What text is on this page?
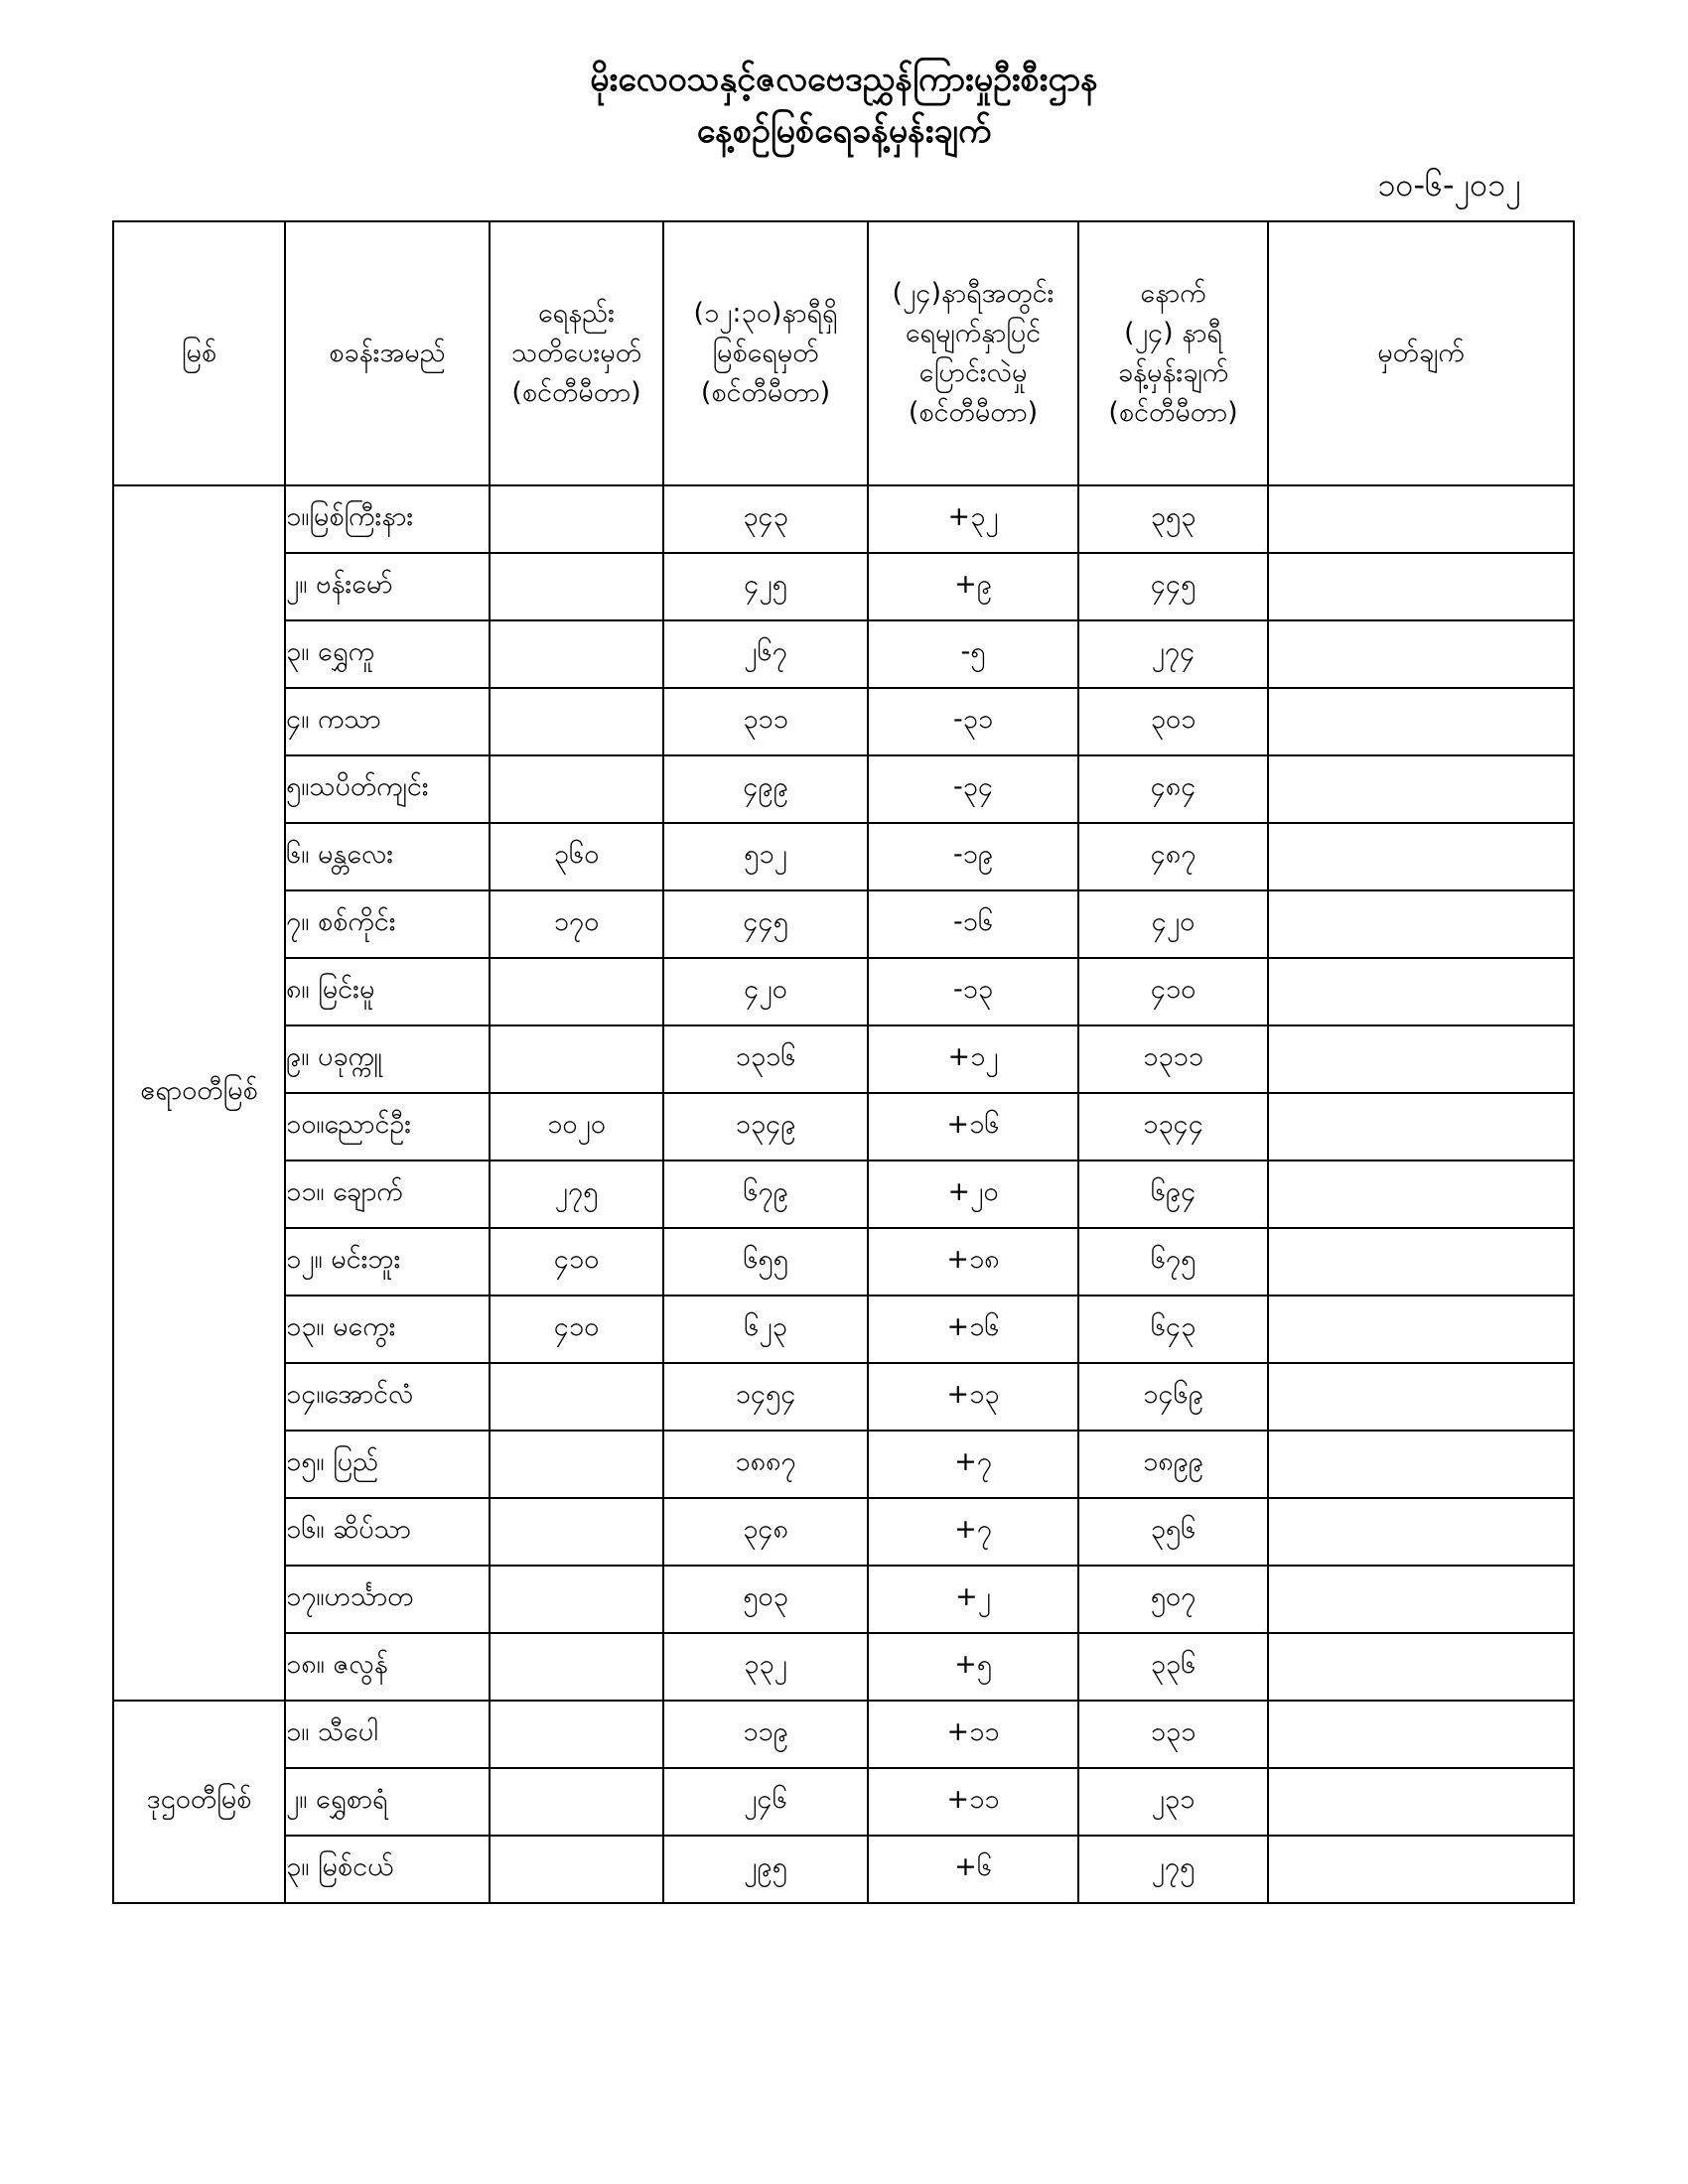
မိုးလေဝသနှင့်ဇလဗေဒညွှန်ကြားမှုဦးစီးဌာန
နေ့စဉ်မြစ်ရေခန့်မှန်းချက်
၁၀-၆-၂၀၁၂
မြစ်	စခန်းအမည်	ရေနည်း
သတိပေးမှတ်
(စင်တီမီတာ)	(၁၂:၃၀)နာရီရှိ
မြစ်ရေမှတ်
(စင်တီမီတာ)	(၂၄)နာရီအတွင်း
ရေမျက်နှာပြင်
ပြောင်းလဲမှု
(စင်တီမီတာ)	နောက်
(၂၄) နာရီ
ခန့်မှန်းချက်
(စင်တီမီတာ)	မှတ်ချက်

ဧရာဝတီမြစ်	၁။မြစ်ကြီးနား		၃၄၃	+၃၂	၃၅၃	
	၂။ ဗန်းမော်		၄၂၅	+၉	၄၄၅	
	၃။ ရွှေကူ		၂၆၇	-၅	၂၇၄	
	၄။ ကသာ		၃၁၁	-၃၁	၃၀၁	
	၅။သပိတ်ကျင်း		၄၉၉	-၃၄	၄၈၄	
	၆။ မန္တလေး	၃၆၀	၅၁၂	-၁၉	၄၈၇	
	၇။ စစ်ကိုင်း	၁၇၀	၄၄၅	-၁၆	၄၂၀	
	၈။ မြင်းမူ		၄၂၀	-၁၃	၄၁၀	
	၉။ ပခုက္ကူ		၁၃၁၆	+၁၂	၁၃၁၁	
	၁၀။ညောင်ဦး	၁၀၂၀	၁၃၄၉	+၁၆	၁၃၄၄	
	၁၁။ ချောက်	၂၇၅	၆၇၉	+၂၀	၆၉၄	
	၁၂။ မင်းဘူး	၄၁၀	၆၅၅	+၁၈	၆၇၅	
	၁၃။ မကွေး	၄၁၀	၆၂၃	+၁၆	၆၄၃	
	၁၄။အောင်လံ		၁၄၅၄	+၁၃	၁၄၆၉	
	၁၅။ ပြည်		၁၈၈၇	+၇	၁၈၉၉	
	၁၆။ ဆိပ်သာ		၃၄၈	+၇	၃၅၆	
	၁၇။ဟင်္သာတ		၅၀၃	+၂	၅၀၇	
	၁၈။ ဇလွန်		၃၃၂	+၅	၃၃၆	
ဒုဌဝတီမြစ်	၁။ သီပေါ		၁၁၉	+၁၁	၁၃၁	
	၂။ ရွှေစာရံ		၂၄၆	+၁၁	၂၃၁	
	၃။ မြစ်ငယ်		၂၉၅	+၆	၂၇၅	
